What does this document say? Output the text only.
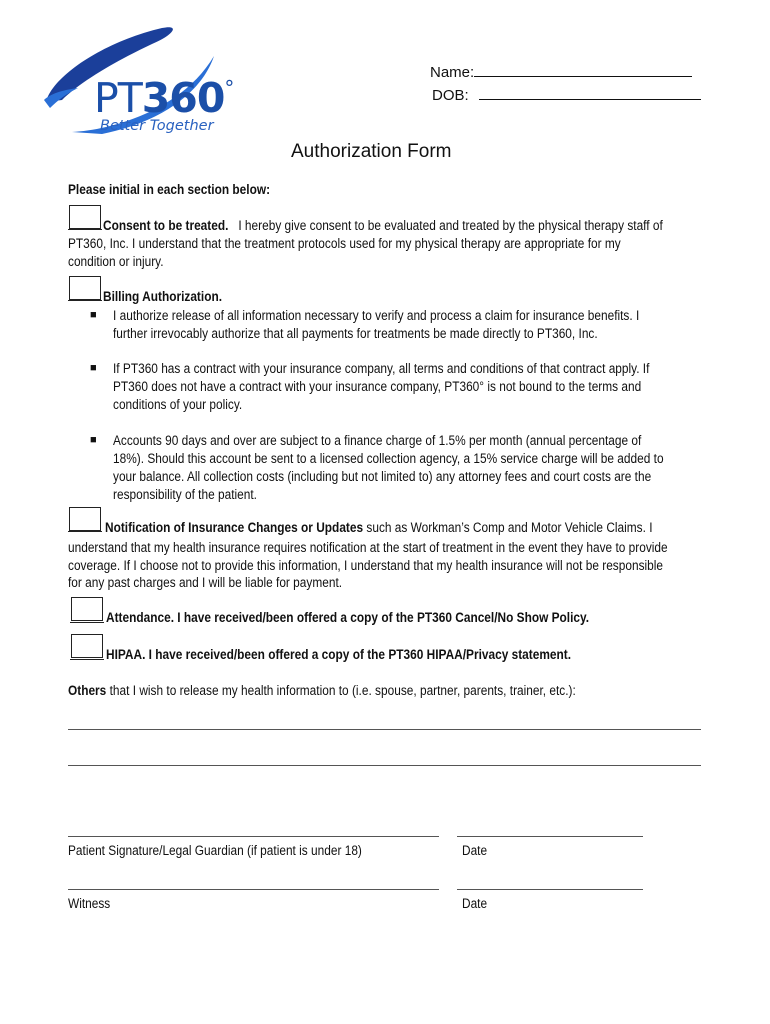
PT360°
Better Together
Name:
DOB:
Authorization Form
Please initial in each section below:
Consent to be treated. I hereby give consent to be evaluated and treated by the physical therapy staff of
PT360, Inc. I understand that the treatment protocols used for my physical therapy are appropriate for my
condition or injury.
Billing Authorization.
■ I authorize release of all information necessary to verify and process a claim for insurance benefits. I
further irrevocably authorize that all payments for treatments be made directly to PT360, Inc.
■ If PT360 has a contract with your insurance company, all terms and conditions of that contract apply. If
PT360 does not have a contract with your insurance company, PT360° is not bound to the terms and
conditions of your policy.
■ Accounts 90 days and over are subject to a finance charge of 1.5% per month (annual percentage of
18%). Should this account be sent to a licensed collection agency, a 15% service charge will be added to
your balance. All collection costs (including but not limited to) any attorney fees and court costs are the
responsibility of the patient.
Notification of Insurance Changes or Updates such as Workman’s Comp and Motor Vehicle Claims. I
understand that my health insurance requires notification at the start of treatment in the event they have to provide
coverage. If I choose not to provide this information, I understand that my health insurance will not be responsible
for any past charges and I will be liable for payment.
Attendance. I have received/been offered a copy of the PT360 Cancel/No Show Policy.
HIPAA. I have received/been offered a copy of the PT360 HIPAA/Privacy statement.
Others that I wish to release my health information to (i.e. spouse, partner, parents, trainer, etc.):
Patient Signature/Legal Guardian (if patient is under 18)	Date
Witness	Date
